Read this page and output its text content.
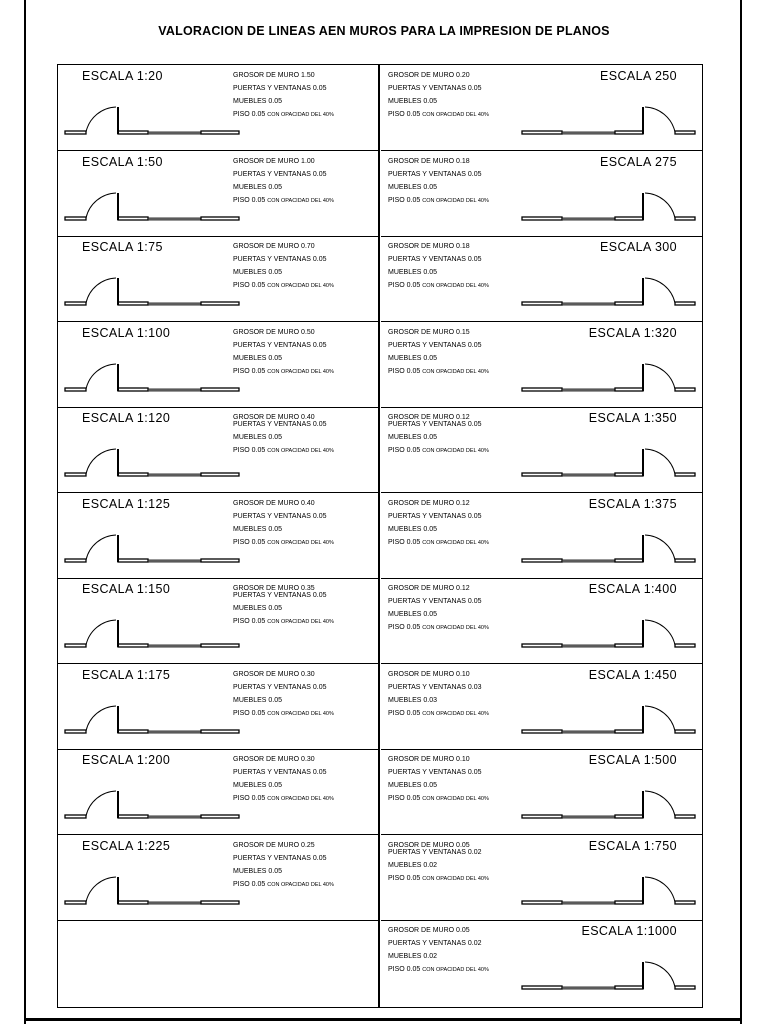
VALORACION DE LINEAS AEN MUROS PARA LA IMPRESION DE PLANOS
ESCALA 1:20	GROSOR DE MURO 1.50
PUERTAS Y VENTANAS 0.05
MUEBLES 0.05
PISO 0.05 CON OPACIDAD DEL 40%
ESCALA 1:50	GROSOR DE MURO 1.00
PUERTAS Y VENTANAS 0.05
MUEBLES 0.05
PISO 0.05 CON OPACIDAD DEL 40%
ESCALA 1:75	GROSOR DE MURO 0.70
PUERTAS Y VENTANAS 0.05
MUEBLES 0.05
PISO 0.05 CON OPACIDAD DEL 40%
ESCALA 1:100	GROSOR DE MURO 0.50
PUERTAS Y VENTANAS 0.05
MUEBLES 0.05
PISO 0.05 CON OPACIDAD DEL 40%
ESCALA 1:120	GROSOR DE MURO 0.40
PUERTAS Y VENTANAS 0.05
MUEBLES 0.05
PISO 0.05 CON OPACIDAD DEL 40%
ESCALA 1:125	GROSOR DE MURO 0.40
PUERTAS Y VENTANAS 0.05
MUEBLES 0.05
PISO 0.05 CON OPACIDAD DEL 40%
ESCALA 1:150	GROSOR DE MURO 0.35
PUERTAS Y VENTANAS 0.05
MUEBLES 0.05
PISO 0.05 CON OPACIDAD DEL 40%
ESCALA 1:175	GROSOR DE MURO 0.30
PUERTAS Y VENTANAS 0.05
MUEBLES 0.05
PISO 0.05 CON OPACIDAD DEL 40%
ESCALA 1:200	GROSOR DE MURO 0.30
PUERTAS Y VENTANAS 0.05
MUEBLES 0.05
PISO 0.05 CON OPACIDAD DEL 40%
ESCALA 1:225	GROSOR DE MURO 0.25
PUERTAS Y VENTANAS 0.05
MUEBLES 0.05
PISO 0.05 CON OPACIDAD DEL 40%
ESCALA 250
GROSOR DE MURO 0.20
PUERTAS Y VENTANAS 0.05
MUEBLES 0.05
PISO 0.05 CON OPACIDAD DEL 40%
ESCALA 275
GROSOR DE MURO 0.18
PUERTAS Y VENTANAS 0.05
MUEBLES 0.05
PISO 0.05 CON OPACIDAD DEL 40%
ESCALA 300
GROSOR DE MURO 0.18
PUERTAS Y VENTANAS 0.05
MUEBLES 0.05
PISO 0.05 CON OPACIDAD DEL 40%
ESCALA 1:320
GROSOR DE MURO 0.15
PUERTAS Y VENTANAS 0.05
MUEBLES 0.05
PISO 0.05 CON OPACIDAD DEL 40%
ESCALA 1:350
GROSOR DE MURO 0.12
PUERTAS Y VENTANAS 0.05
MUEBLES 0.05
PISO 0.05 CON OPACIDAD DEL 40%
ESCALA 1:375
GROSOR DE MURO 0.12
PUERTAS Y VENTANAS 0.05
MUEBLES 0.05
PISO 0.05 CON OPACIDAD DEL 40%
ESCALA 1:400
GROSOR DE MURO 0.12
PUERTAS Y VENTANAS 0.05
MUEBLES 0.05
PISO 0.05 CON OPACIDAD DEL 40%
ESCALA 1:450
GROSOR DE MURO 0.10
PUERTAS Y VENTANAS 0.03
MUEBLES 0.03
PISO 0.05 CON OPACIDAD DEL 40%
ESCALA 1:500
GROSOR DE MURO 0.10
PUERTAS Y VENTANAS 0.05
MUEBLES 0.05
PISO 0.05 CON OPACIDAD DEL 40%
ESCALA 1:750
GROSOR DE MURO 0.05
PUERTAS Y VENTANAS 0.02
MUEBLES 0.02
PISO 0.05 CON OPACIDAD DEL 40%
ESCALA 1:1000
GROSOR DE MURO 0.05
PUERTAS Y VENTANAS 0.02
MUEBLES 0.02
PISO 0.05 CON OPACIDAD DEL 40%
